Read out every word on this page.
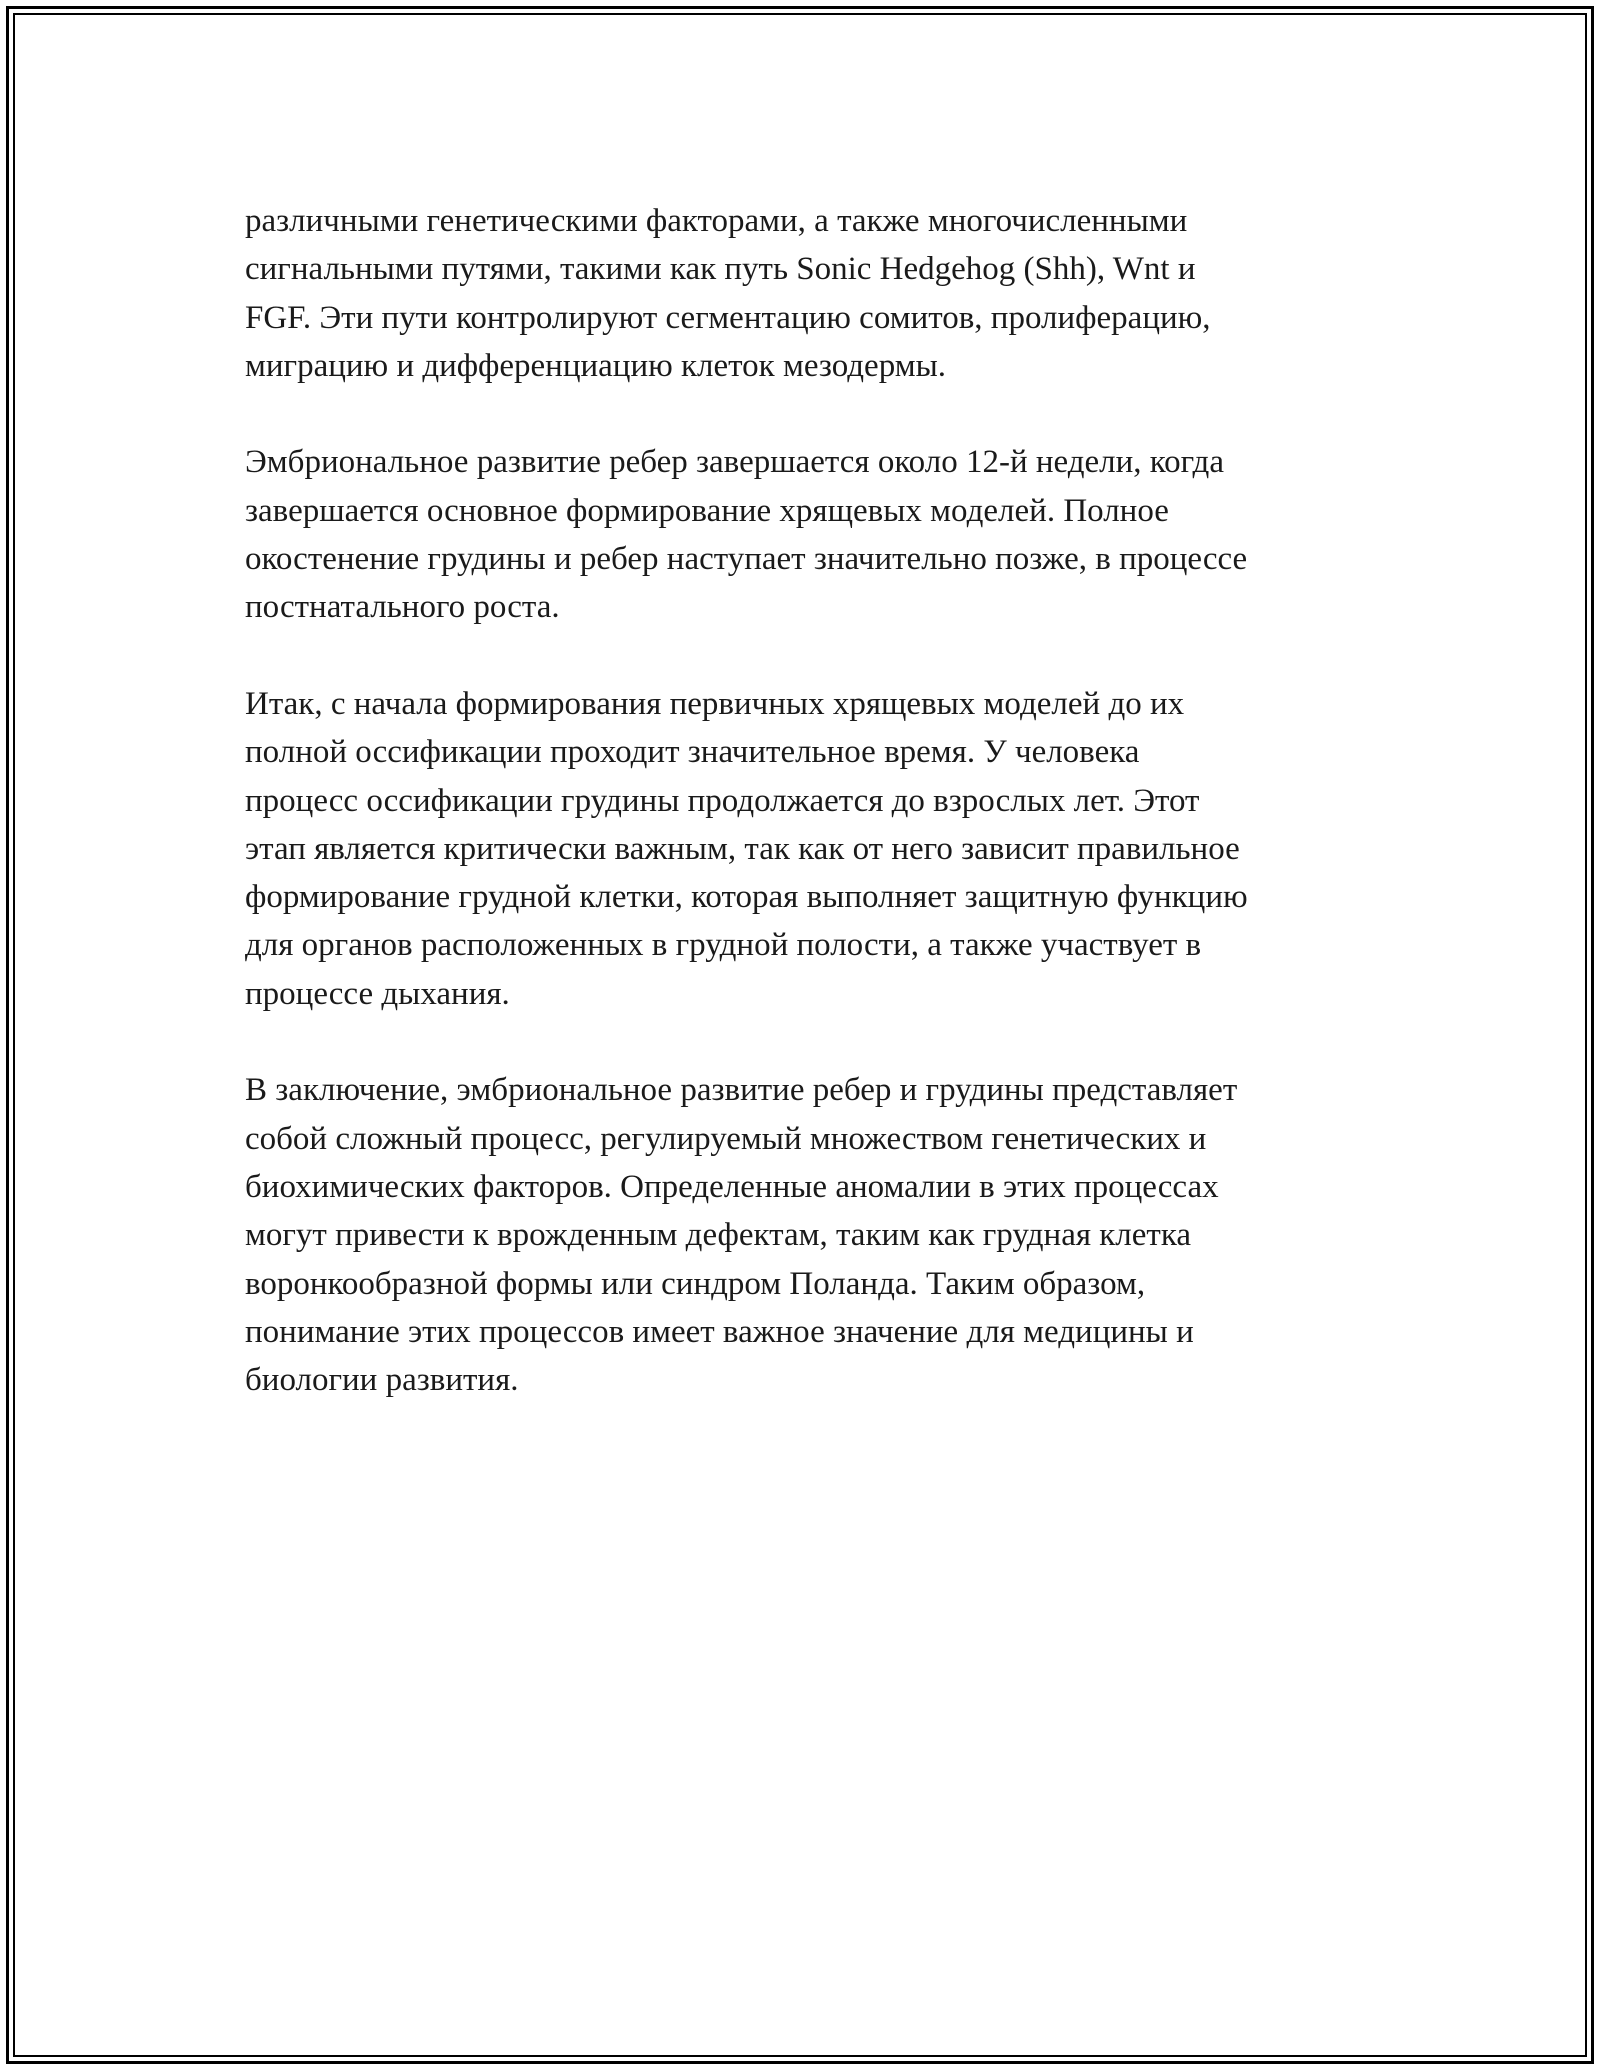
различными генетическими факторами, а также многочисленными
сигнальными путями, такими как путь Sonic Hedgehog (Shh), Wnt и
FGF. Эти пути контролируют сегментацию сомитов, пролиферацию,
миграцию и дифференциацию клеток мезодермы.

Эмбриональное развитие ребер завершается около 12-й недели, когда
завершается основное формирование хрящевых моделей. Полное
окостенение грудины и ребер наступает значительно позже, в процессе
постнатального роста.

Итак, с начала формирования первичных хрящевых моделей до их
полной оссификации проходит значительное время. У человека
процесс оссификации грудины продолжается до взрослых лет. Этот
этап является критически важным, так как от него зависит правильное
формирование грудной клетки, которая выполняет защитную функцию
для органов расположенных в грудной полости, а также участвует в
процессе дыхания.

В заключение, эмбриональное развитие ребер и грудины представляет
собой сложный процесс, регулируемый множеством генетических и
биохимических факторов. Определенные аномалии в этих процессах
могут привести к врожденным дефектам, таким как грудная клетка
воронкообразной формы или синдром Поланда. Таким образом,
понимание этих процессов имеет важное значение для медицины и
биологии развития.
